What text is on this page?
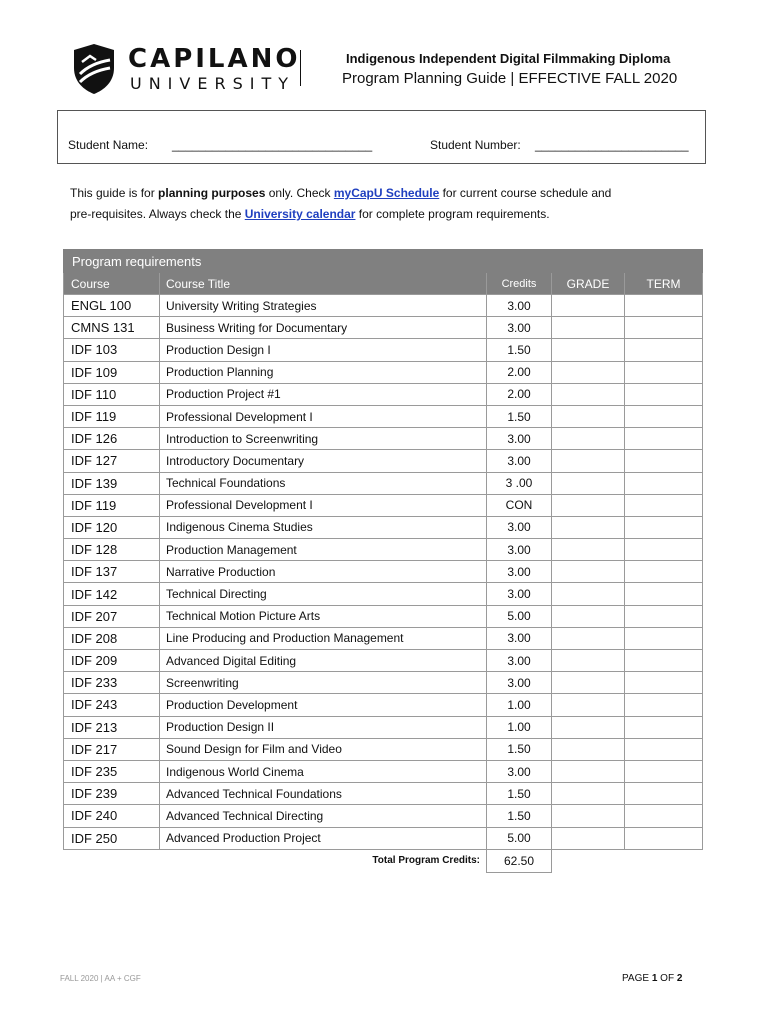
CAPILANO
UNIVERSITY
Indigenous Independent Digital Filmmaking Diploma
Program Planning Guide | EFFECTIVE FALL 2020
Student Name: ______________________________	Student Number: _______________________
This guide is for planning purposes only. Check myCapU Schedule for current course schedule and
pre-requisites. Always check the University calendar for complete program requirements.
Program requirements				
Course	Course Title	Credits	GRADE	TERM
ENGL 100	University Writing Strategies	3.00		
CMNS 131	Business Writing for Documentary	3.00		
IDF 103	Production Design I	1.50		
IDF 109	Production Planning	2.00		
IDF 110	Production Project #1	2.00		
IDF 119	Professional Development I	1.50		
IDF 126	Introduction to Screenwriting	3.00		
IDF 127	Introductory Documentary	3.00		
IDF 139	Technical Foundations	3 .00		
IDF 119	Professional Development I	CON		
IDF 120	Indigenous Cinema Studies	3.00		
IDF 128	Production Management	3.00		
IDF 137	Narrative Production	3.00		
IDF 142	Technical Directing	3.00		
IDF 207	Technical Motion Picture Arts	5.00		
IDF 208	Line Producing and Production Management	3.00		
IDF 209	Advanced Digital Editing	3.00		
IDF 233	Screenwriting	3.00		
IDF 243	Production Development	1.00		
IDF 213	Production Design II	1.00		
IDF 217	Sound Design for Film and Video	1.50		
IDF 235	Indigenous World Cinema	3.00		
IDF 239	Advanced Technical Foundations	1.50		
IDF 240	Advanced Technical Directing	1.50		
IDF 250	Advanced Production Project	5.00		
Total Program Credits:		62.50		
FALL 2020 | AA + CGF	PAGE 1 OF 2
